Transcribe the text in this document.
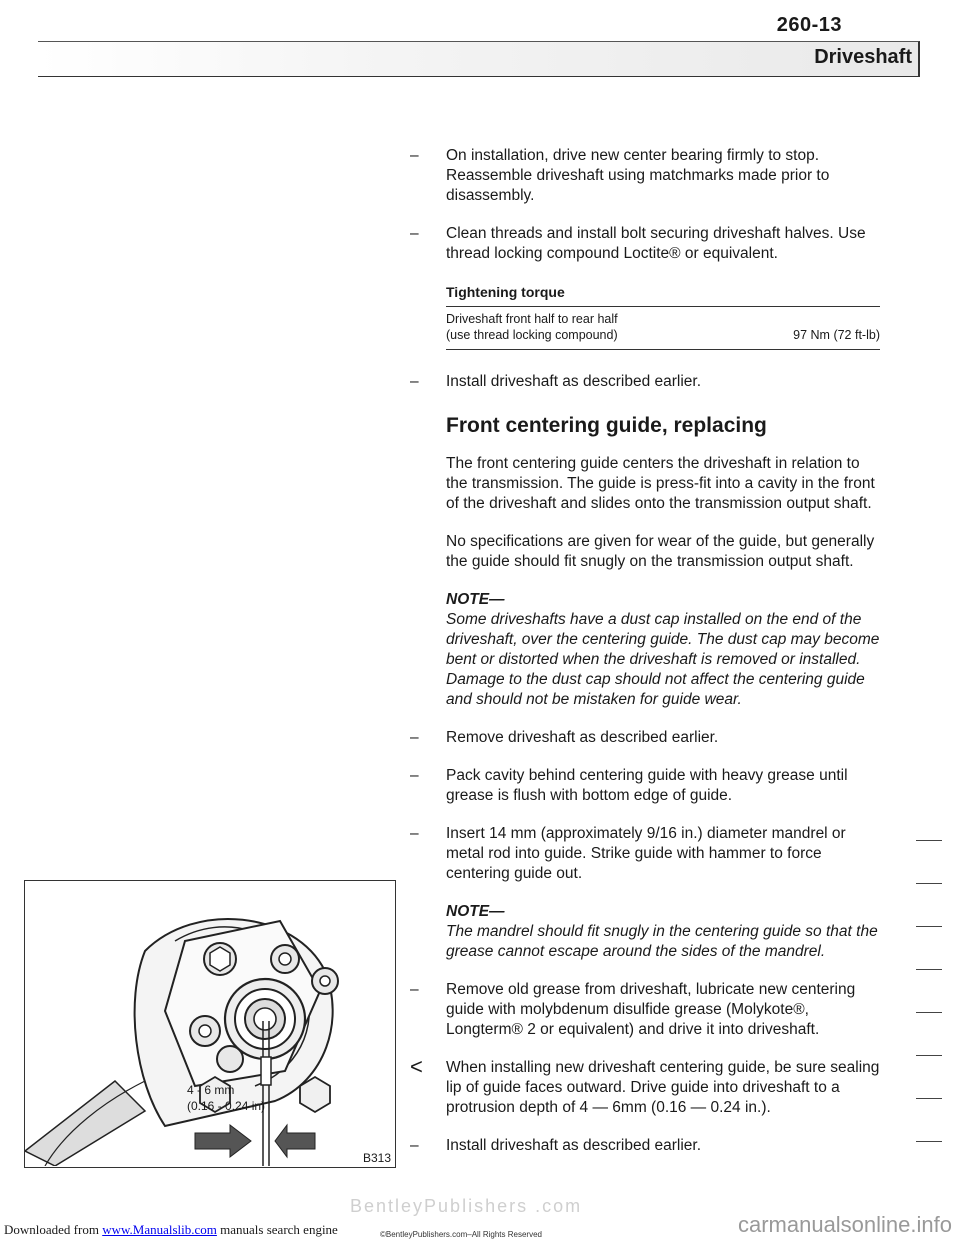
260-13
Driveshaft
– On installation, drive new center bearing firmly to stop. Reassemble driveshaft using matchmarks made prior to disassembly.
– Clean threads and install bolt securing driveshaft halves. Use thread locking compound Loctite® or equivalent.
Tightening torque
Driveshaft front half to rear half
(use thread locking compound)	97 Nm (72 ft-lb)
– Install driveshaft as described earlier.
Front centering guide, replacing
The front centering guide centers the driveshaft in relation to the transmission. The guide is press-fit into a cavity in the front of the driveshaft and slides onto the transmission output shaft.
No specifications are given for wear of the guide, but generally the guide should fit snugly on the transmission output shaft.
NOTE—
Some driveshafts have a dust cap installed on the end of the driveshaft, over the centering guide. The dust cap may become bent or distorted when the driveshaft is removed or installed. Damage to the dust cap should not affect the centering guide and should not be mistaken for guide wear.
– Remove driveshaft as described earlier.
– Pack cavity behind centering guide with heavy grease until grease is flush with bottom edge of guide.
– Insert 14 mm (approximately 9/16 in.) diameter mandrel or metal rod into guide. Strike guide with hammer to force centering guide out.
NOTE—
The mandrel should fit snugly in the centering guide so that the grease cannot escape around the sides of the mandrel.
– Remove old grease from driveshaft, lubricate new centering guide with molybdenum disulfide grease (Molykote®, Longterm® 2 or equivalent) and drive it into driveshaft.
< When installing new driveshaft centering guide, be sure sealing lip of guide faces outward. Drive guide into driveshaft to a protrusion depth of 4 — 6mm (0.16 — 0.24 in.).
– Install driveshaft as described earlier.
4 - 6 mm
(0.16 - 0.24 in)
B313
BentleyPublishers .com
©BentleyPublishers.com–All Rights Reserved
Downloaded from www.Manualslib.com manuals search engine	carmanualsonline.info
